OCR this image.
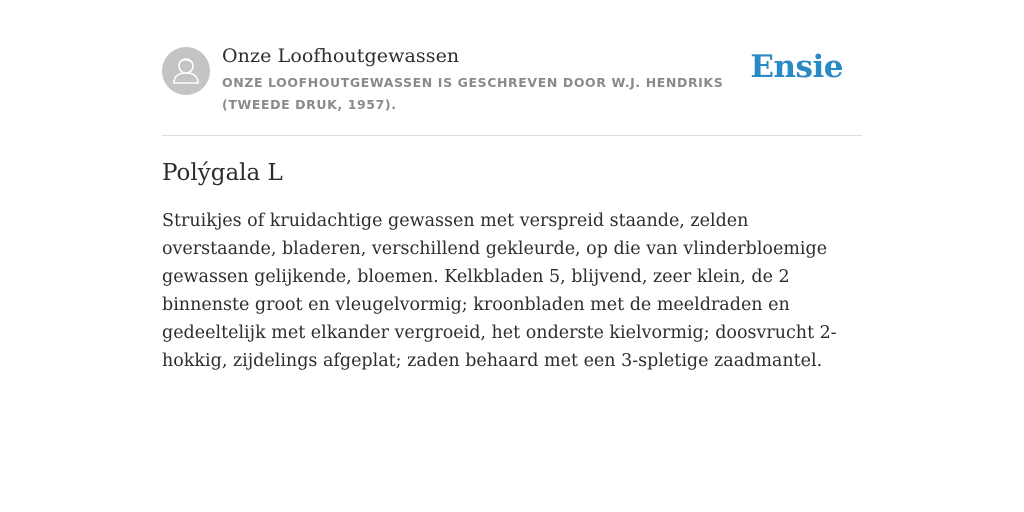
Onze Loofhoutgewassen
ONZE LOOFHOUTGEWASSEN IS GESCHREVEN DOOR W.J. HENDRIKS (TWEEDE DRUK, 1957).
Ensie
Polýgala L

Struikjes of kruidachtige gewassen met verspreid staande, zelden overstaande, bladeren, verschillend gekleurde, op die van vlinderbloemige gewassen gelijkende, bloemen. Kelkbladen 5, blijvend, zeer klein, de 2 binnenste groot en vleugelvormig; kroonbladen met de meeldraden en gedeeltelijk met elkander vergroeid, het onderste kielvormig; doosvrucht 2-hokkig, zijdelings afgeplat; zaden behaard met een 3-spletige zaadmantel.
